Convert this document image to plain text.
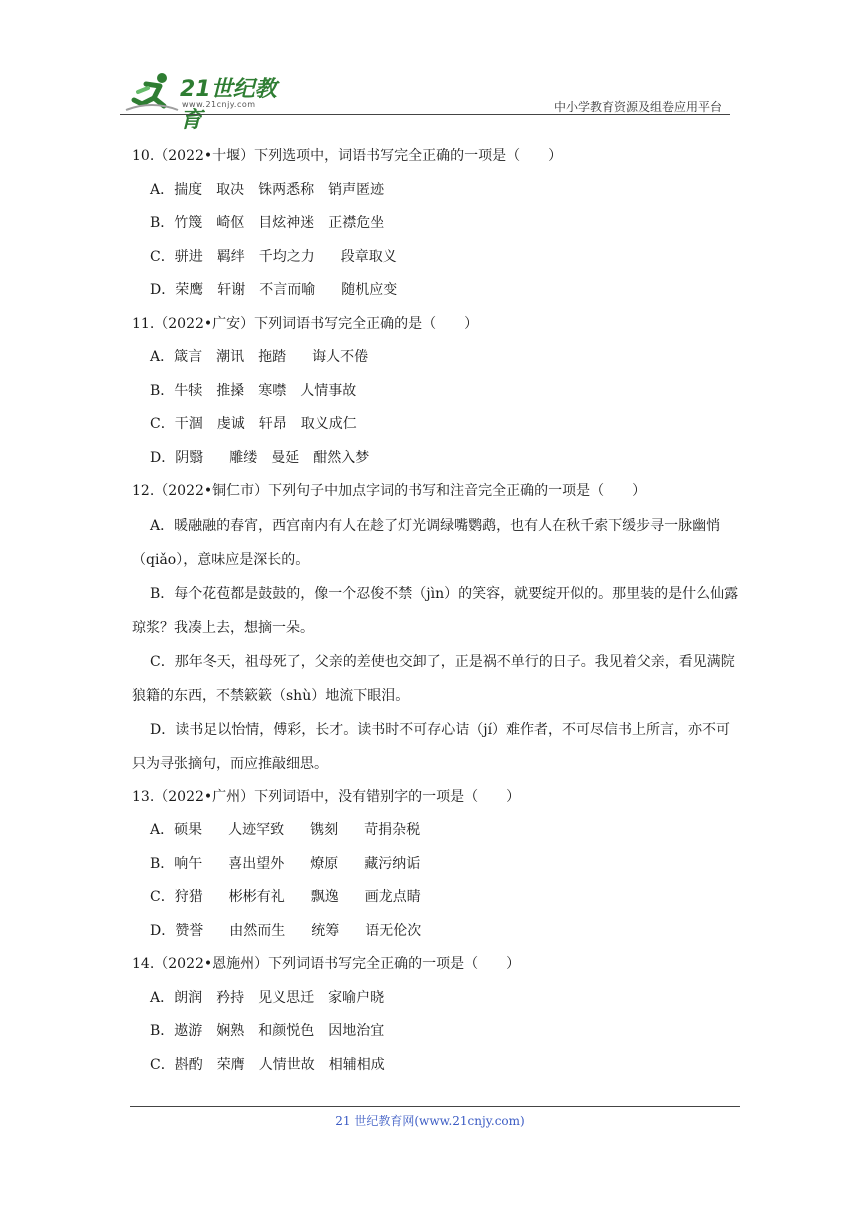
21世纪教育
www.21cnjy.com	中小学教育资源及组卷应用平台

10.（2022•十堰）下列选项中，词语书写完全正确的一项是（　　）

A．揣度 取决 铢两悉称 销声匿迹

B．竹篾 崎伛 目炫神迷 正襟危坐

C．骈进 羁绊 千均之力 段章取义

D．荣鹰 轩谢 不言而喻 随机应变

11.（2022•广安）下列词语书写完全正确的是（　　）

A．箴言 潮讯 拖踏 诲人不倦

B．牛犊 推搡 寒噤 人情事故

C．干涸 虔诚 轩昂 取义成仁

D．阴翳 雕缕 曼延 酣然入梦

12.（2022•铜仁市）下列句子中加点字词的书写和注音完全正确的一项是（　　）

A．暖融融的春宵，西宫南内有人在趁了灯光调绿嘴鹦鹉，也有人在秋千索下缓步寻一脉幽悄（qiǎo），意味应是深长的。

B．每个花苞都是鼓鼓的，像一个忍俊不禁（jìn）的笑容，就要绽开似的。那里装的是什么仙露琼浆？我凑上去，想摘一朵。

C．那年冬天，祖母死了，父亲的差使也交卸了，正是祸不单行的日子。我见着父亲，看见满院狼籍的东西，不禁簌簌（shù）地流下眼泪。

D．读书足以怡情，傅彩，长才。读书时不可存心诘（jí）难作者，不可尽信书上所言，亦不可只为寻张摘句，而应推敲细思。

13.（2022•广州）下列词语中，没有错别字的一项是（　　）

A．硕果 人迹罕致 镌刻 苛捐杂税

B．响午 喜出望外 燎原 藏污纳诟

C．狩猎 彬彬有礼 飘逸 画龙点睛

D．赞誉 由然而生 统筹 语无伦次

14.（2022•恩施州）下列词语书写完全正确的一项是（　　）

A．朗润 矜持 见义思迁 家喻户晓

B．遨游 娴熟 和颜悦色 因地治宜

C．斟酌 荣膺 人情世故 相辅相成

21 世纪教育网(www.21cnjy.com)
